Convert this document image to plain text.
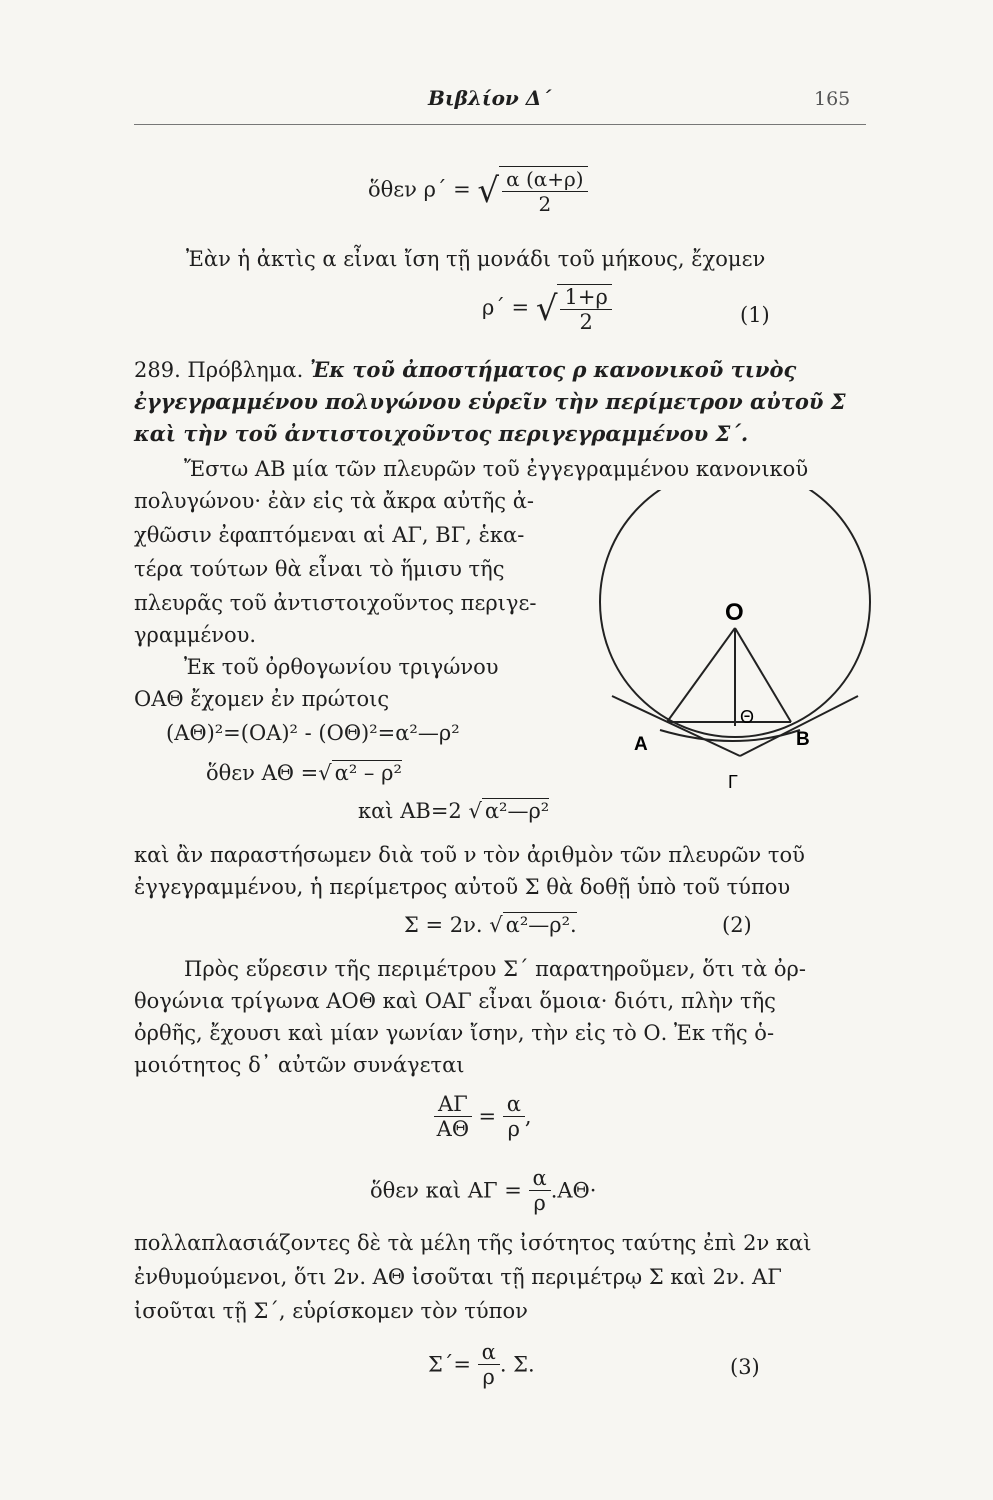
Βιβλίον Δ΄	165
ὅθεν ρ΄ = √ $\frac{\alpha (\alpha+\rho)}{2}$
Ἐὰν ἡ ἀκτὶς α εἶναι ἴση τῇ μονάδι τοῦ μήκους, ἔχομεν
ρ΄ = √ $\frac{1+\rho}{2}$	(1)
289. Πρόβλημα. Ἐκ τοῦ ἀποστήματος ρ κανονικοῦ τινὸς
ἐγγεγραμμένου πολυγώνου εὑρεῖν τὴν περίμετρον αὐτοῦ Σ
καὶ τὴν τοῦ ἀντιστοιχοῦντος περιγεγραμμένου Σ΄.
Ἔστω ΑΒ μία τῶν πλευρῶν τοῦ ἐγγεγραμμένου κανονικοῦ
πολυγώνου· ἐὰν εἰς τὰ ἄκρα αὐτῆς ἀ-
χθῶσιν ἐφαπτόμεναι αἱ ΑΓ, ΒΓ, ἑκα-
τέρα τούτων θὰ εἶναι τὸ ἥμισυ τῆς
πλευρᾶς τοῦ ἀντιστοιχοῦντος περιγε-
γραμμένου.
Ἐκ τοῦ ὀρθογωνίου τριγώνου
ΟΑΘ ἔχομεν ἐν πρώτοις
(ΑΘ)²=(ΟΑ)² - (ΟΘ)²=α²—ρ²
ὅθεν ΑΘ =√ α² – ρ²
καὶ ΑΒ=2 √ α²—ρ²
Ο
Θ
Α	Β
Γ
καὶ ἂν παραστήσωμεν διὰ τοῦ ν τὸν ἀριθμὸν τῶν πλευρῶν τοῦ
ἐγγεγραμμένου, ἡ περίμετρος αὐτοῦ Σ θὰ δοθῇ ὑπὸ τοῦ τύπου
Σ = 2ν. √ α²—ρ².	(2)
Πρὸς εὕρεσιν τῆς περιμέτρου Σ΄ παρατηροῦμεν, ὅτι τὰ ὀρ-
θογώνια τρίγωνα ΑΟΘ καὶ ΟΑΓ εἶναι ὅμοια· διότι, πλὴν τῆς
ὀρθῆς, ἔχουσι καὶ μίαν γωνίαν ἴσην, τὴν εἰς τὸ Ο. Ἐκ τῆς ὁ-
μοιότητος δ᾽ αὐτῶν συνάγεται
$\frac{A\Gamma}{A\Theta} = \frac{\alpha}{\rho}$ ,
ὅθεν καὶ $A\Gamma = \frac{\alpha}{\rho} .A\Theta\cdot$
πολλαπλασιάζοντες δὲ τὰ μέλη τῆς ἰσότητος ταύτης ἐπὶ 2ν καὶ
ἐνθυμούμενοι, ὅτι 2ν. ΑΘ ἰσοῦται τῇ περιμέτρῳ Σ καὶ 2ν. ΑΓ
ἰσοῦται τῇ Σ΄, εὑρίσκομεν τὸν τύπον
$\Sigma΄= \frac{\alpha}{\rho}$ . Σ.	(3)
